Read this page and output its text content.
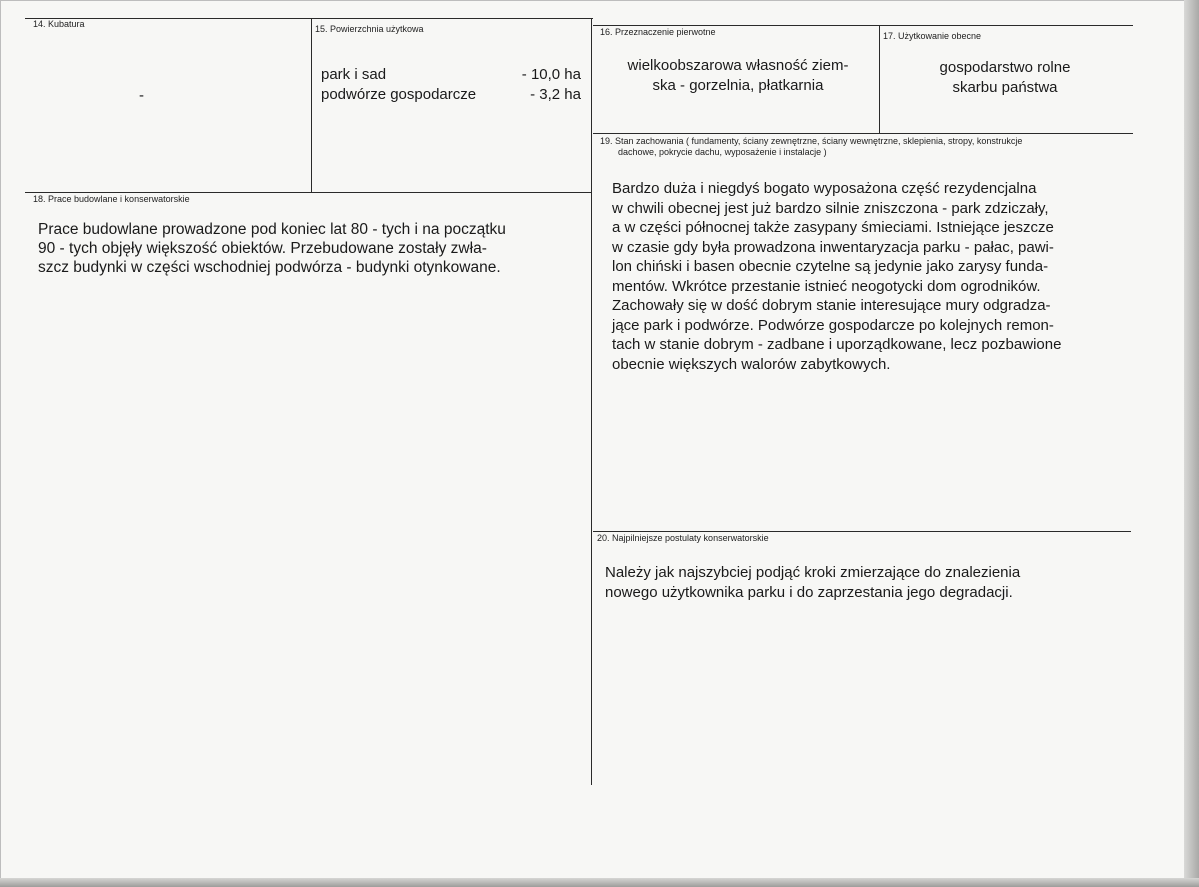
14. Kubatura
-
15. Powierzchnia użytkowa
park i sad	- 10,0 ha
podwórze gospodarcze	- 3,2 ha
16. Przeznaczenie pierwotne
wielkoobszarowa własność ziem-
ska - gorzelnia, płatkarnia
17. Użytkowanie obecne
gospodarstwo rolne
skarbu państwa
19. Stan zachowania ( fundamenty, ściany zewnętrzne, ściany wewnętrzne, sklepienia, stropy, konstrukcje
dachowe, pokrycie dachu, wyposażenie i instalacje )
Bardzo duża i niegdyś bogato wyposażona część rezydencjalna
w chwili obecnej jest już bardzo silnie zniszczona - park zdziczały,
a w części północnej także zasypany śmieciami. Istniejące jeszcze
w czasie gdy była prowadzona inwentaryzacja parku - pałac, pawi-
lon chiński i basen obecnie czytelne są jedynie jako zarysy funda-
mentów. Wkrótce przestanie istnieć neogotycki dom ogrodników.
Zachowały się w dość dobrym stanie interesujące mury odgradza-
jące park i podwórze. Podwórze gospodarcze po kolejnych remon-
tach w stanie dobrym - zadbane i uporządkowane, lecz pozbawione
obecnie większych walorów zabytkowych.
18. Prace budowlane i konserwatorskie
Prace budowlane prowadzone pod koniec lat 80 - tych i na początku
90 - tych objęły większość obiektów. Przebudowane zostały zwła-
szcz budynki w części wschodniej podwórza - budynki otynkowane.
20. Najpilniejsze postulaty konserwatorskie
Należy jak najszybciej podjąć kroki zmierzające do znalezienia
nowego użytkownika parku i do zaprzestania jego degradacji.
